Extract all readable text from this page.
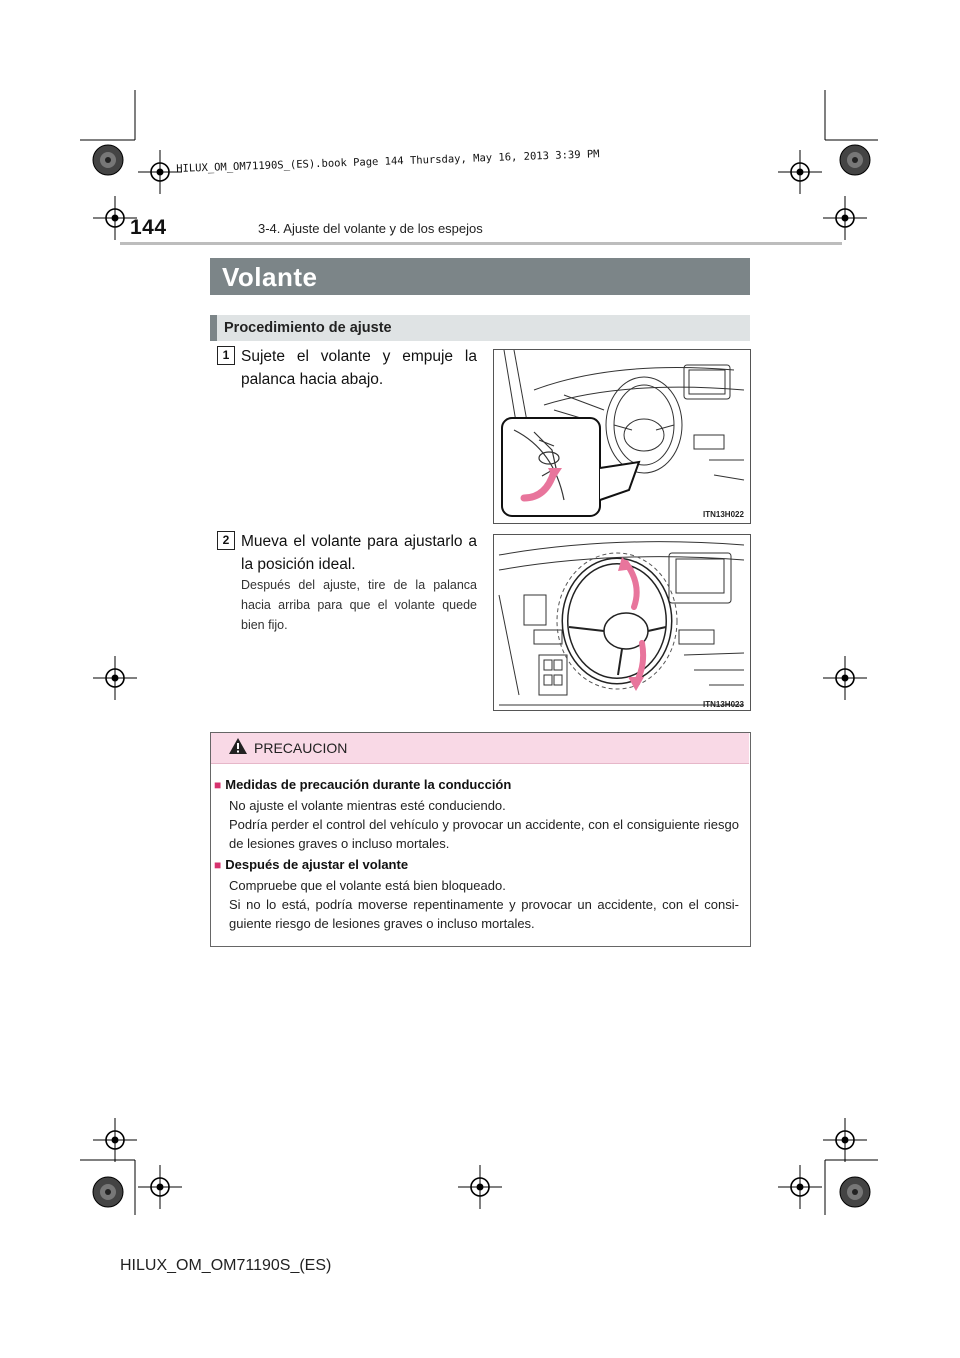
HILUX_OM_OM71190S_(ES).book Page 144 Thursday, May 16, 2013 3:39 PM
144	3-4. Ajuste del volante y de los espejos
Volante
Procedimiento de ajuste
1 Sujete el volante y empuje la palanca hacia abajo.
ITN13H022
2 Mueva el volante para ajustarlo a la posición ideal.
Después del ajuste, tire de la palanca hacia arriba para que el volante quede bien fijo.
ITN13H023
PRECAUCION
■ Medidas de precaución durante la conducción
No ajuste el volante mientras esté conduciendo.
Podría perder el control del vehículo y provocar un accidente, con el consiguiente riesgo de lesiones graves o incluso mortales.
■ Después de ajustar el volante
Compruebe que el volante está bien bloqueado.
Si no lo está, podría moverse repentinamente y provocar un accidente, con el consi-guiente riesgo de lesiones graves o incluso mortales.
HILUX_OM_OM71190S_(ES)
